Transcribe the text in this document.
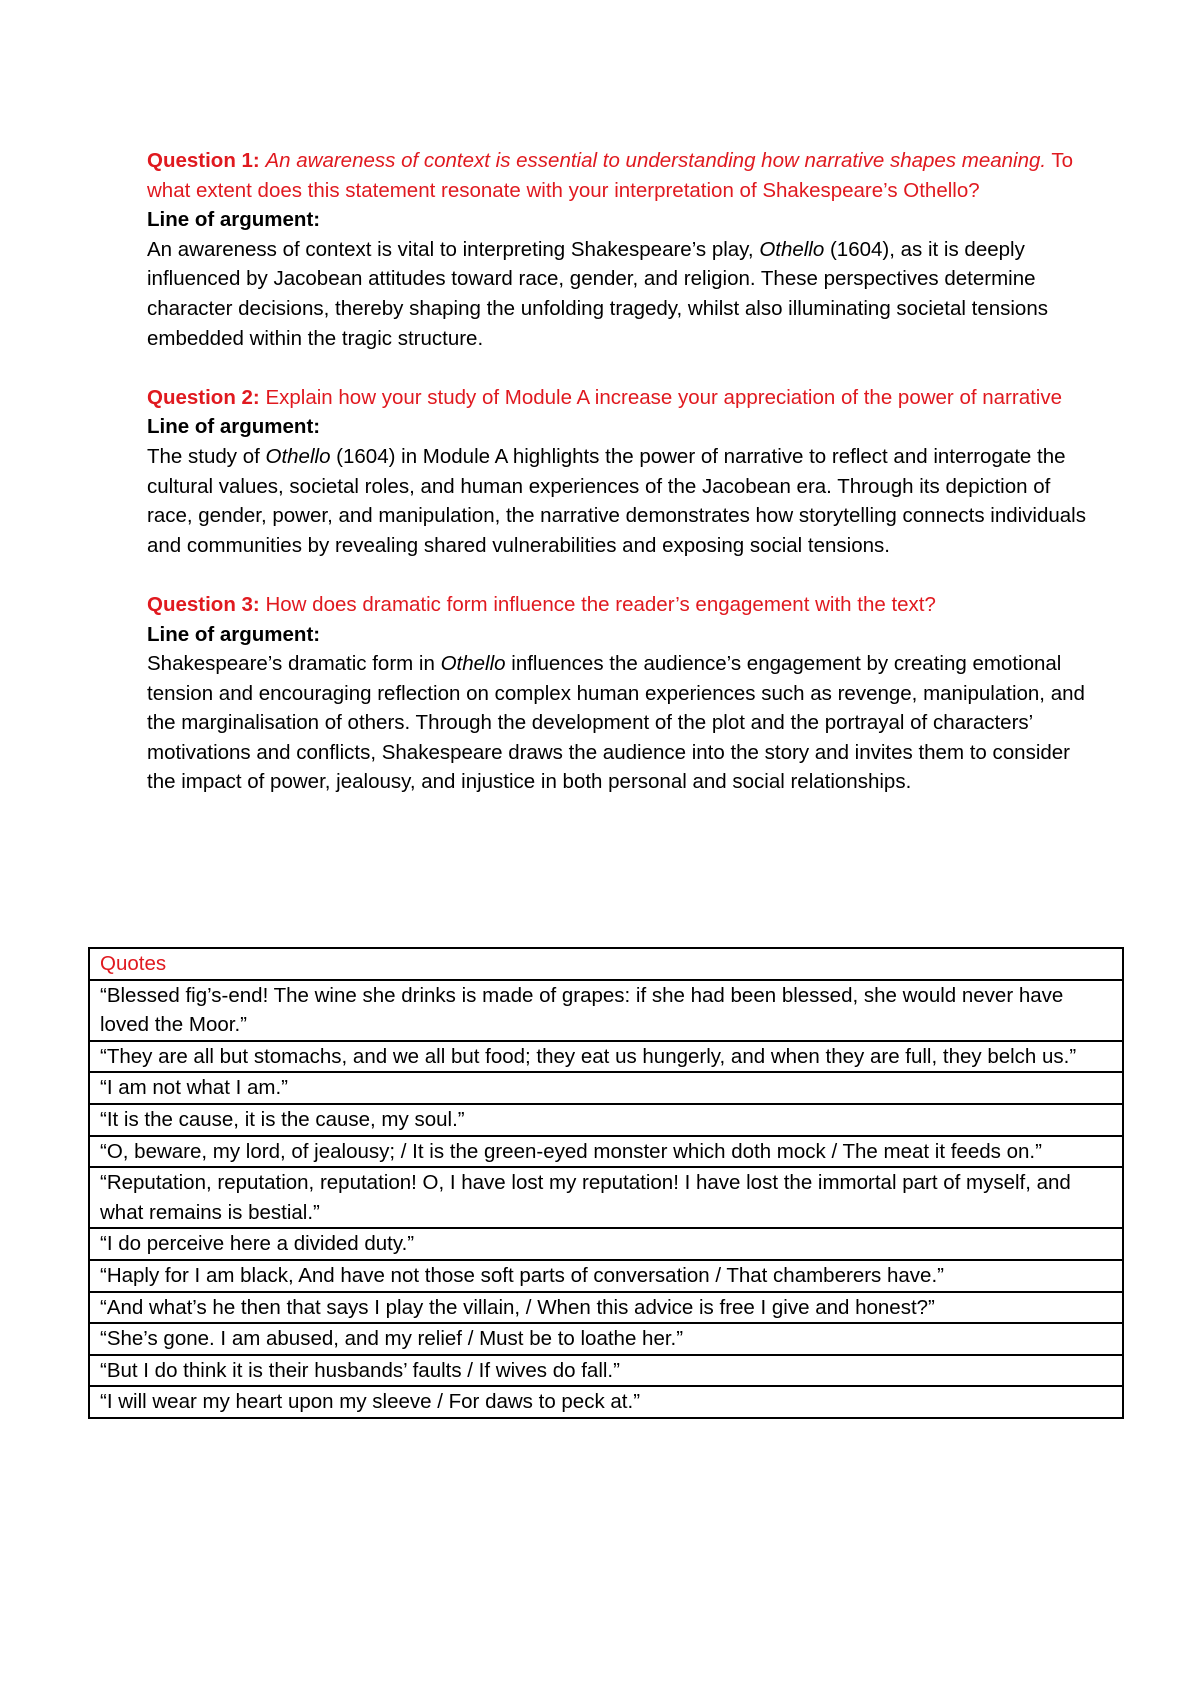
Question 1: An awareness of context is essential to understanding how narrative shapes meaning. To what extent does this statement resonate with your interpretation of Shakespeare’s Othello?
Line of argument:
An awareness of context is vital to interpreting Shakespeare’s play, Othello (1604), as it is deeply influenced by Jacobean attitudes toward race, gender, and religion. These perspectives determine character decisions, thereby shaping the unfolding tragedy, whilst also illuminating societal tensions embedded within the tragic structure.
Question 2: Explain how your study of Module A increase your appreciation of the power of narrative
Line of argument:
The study of Othello (1604) in Module A highlights the power of narrative to reflect and interrogate the cultural values, societal roles, and human experiences of the Jacobean era. Through its depiction of race, gender, power, and manipulation, the narrative demonstrates how storytelling connects individuals and communities by revealing shared vulnerabilities and exposing social tensions.
Question 3: How does dramatic form influence the reader’s engagement with the text?
Line of argument:
Shakespeare’s dramatic form in Othello influences the audience’s engagement by creating emotional tension and encouraging reflection on complex human experiences such as revenge, manipulation, and the marginalisation of others. Through the development of the plot and the portrayal of characters’ motivations and conflicts, Shakespeare draws the audience into the story and invites them to consider the impact of power, jealousy, and injustice in both personal and social relationships.
Quotes
“Blessed fig’s-end! The wine she drinks is made of grapes: if she had been blessed, she would never have loved the Moor.”
“They are all but stomachs, and we all but food; they eat us hungerly, and when they are full, they belch us.”
“I am not what I am.”
“It is the cause, it is the cause, my soul.”
“O, beware, my lord, of jealousy; / It is the green-eyed monster which doth mock / The meat it feeds on.”
“Reputation, reputation, reputation! O, I have lost my reputation! I have lost the immortal part of myself, and what remains is bestial.”
“I do perceive here a divided duty.”
“Haply for I am black, And have not those soft parts of conversation / That chamberers have.”
“And what’s he then that says I play the villain, / When this advice is free I give and honest?”
“She’s gone. I am abused, and my relief / Must be to loathe her.”
“But I do think it is their husbands’ faults / If wives do fall.”
“I will wear my heart upon my sleeve / For daws to peck at.”
